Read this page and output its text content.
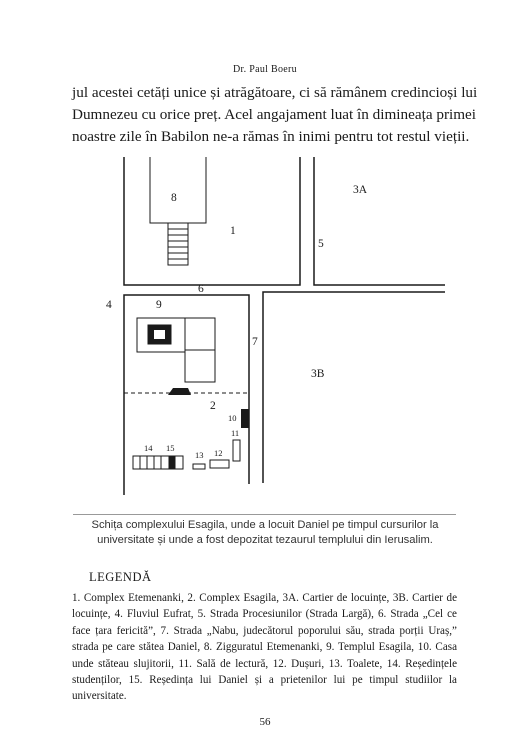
Dr. Paul Boeru
jul acestei cetăți unice și atrăgătoare, ci să rămânem credincioși lui
Dumnezeu cu orice preț. Acel angajament luat în dimineața primei
noastre zile în Babilon ne-a rămas în inimi pentru tot restul vieții.
8
1
3A
5
6
4	9
7
3B
2
10
11
14 15
13 12
Schița complexului Esagila, unde a locuit Daniel pe timpul cursurilor la universitate și unde a fost depozitat tezaurul templului din Ierusalim.
LEGENDĂ
1. Complex Etemenanki, 2. Complex Esagila, 3A. Cartier de locuințe, 3B. Cartier de locuințe, 4. Fluviul Eufrat, 5. Strada Procesiunilor (Strada Largă), 6. Strada „Cel ce face țara fericită”, 7. Strada „Nabu, judecătorul poporului său, strada porții Uraș,” strada pe care stătea Daniel, 8. Zigguratul Etemenanki, 9. Templul Esagila, 10. Casa unde stăteau slujitorii, 11. Sală de lectură, 12. Dușuri, 13. Toalete, 14. Reședințele studenților, 15. Reședința lui Daniel și a prietenilor lui pe timpul studiilor la universitate.
56
